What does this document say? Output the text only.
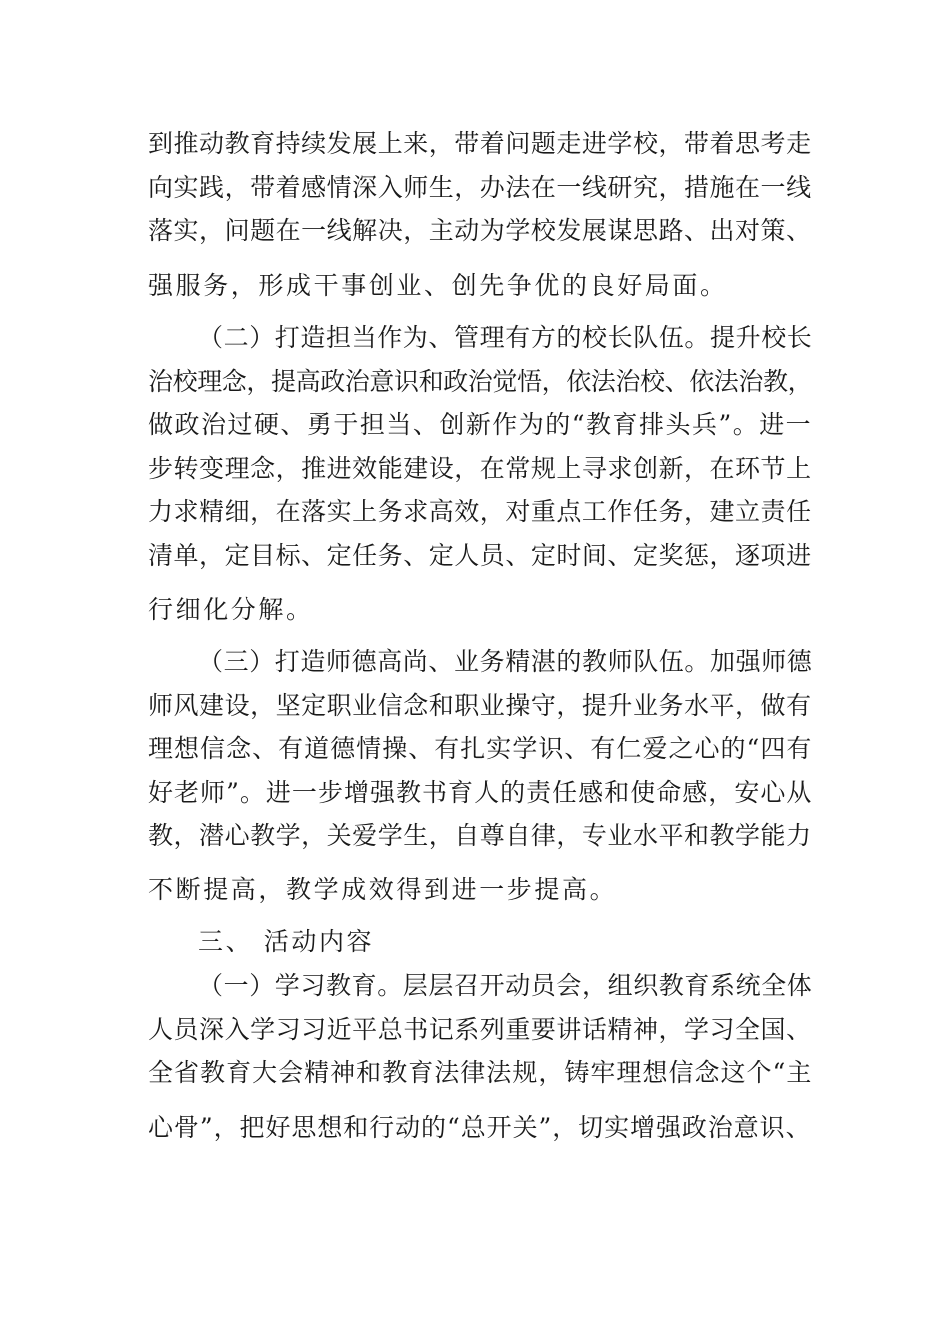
到推动教育持续发展上来，带着问题走进学校，带着思考走
向实践，带着感情深入师生，办法在一线研究，措施在一线
落实，问题在一线解决，主动为学校发展谋思路、出对策、
强服务，形成干事创业、创先争优的良好局面。
（二）打造担当作为、管理有方的校长队伍。提升校长
治校理念，提高政治意识和政治觉悟，依法治校、依法治教，
做政治过硬、勇于担当、创新作为的“教育排头兵”。进一
步转变理念，推进效能建设，在常规上寻求创新，在环节上
力求精细，在落实上务求高效，对重点工作任务，建立责任
清单，定目标、定任务、定人员、定时间、定奖惩，逐项进
行细化分解。
（三）打造师德高尚、业务精湛的教师队伍。加强师德
师风建设，坚定职业信念和职业操守，提升业务水平，做有
理想信念、有道德情操、有扎实学识、有仁爱之心的“四有
好老师”。进一步增强教书育人的责任感和使命感，安心从
教，潜心教学，关爱学生，自尊自律，专业水平和教学能力
不断提高，教学成效得到进一步提高。
三、 活动内容
（一）学习教育。层层召开动员会，组织教育系统全体
人员深入学习习近平总书记系列重要讲话精神，学习全国、
全省教育大会精神和教育法律法规，铸牢理想信念这个“主
心骨”，把好思想和行动的“总开关”，切实增强政治意识、
